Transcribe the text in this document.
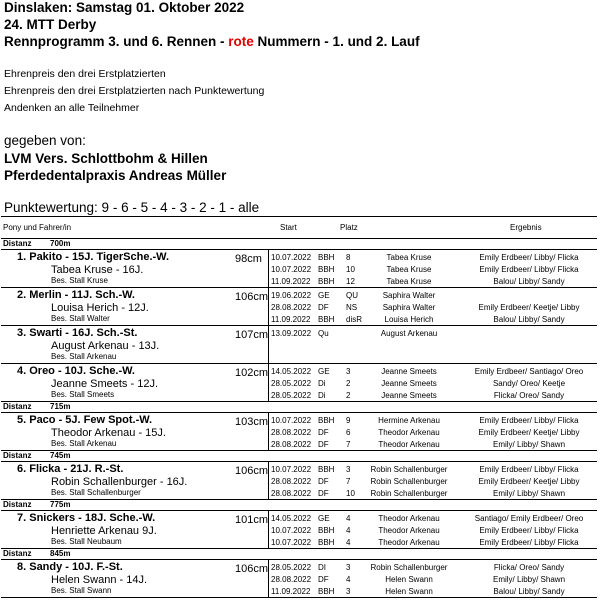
Dinslaken: Samstag 01. Oktober 2022
24. MTT Derby
Rennprogramm 3. und 6. Rennen - rote Nummern - 1. und 2. Lauf
Ehrenpreis den drei Erstplatzierten
Ehrenpreis den drei Erstplatzierten nach Punktewertung
Andenken an alle Teilnehmer
gegeben von:
LVM Vers. Schlottbohm & Hillen
Pferdedentalpraxis Andreas Müller
Punktewertung: 9 - 6 - 5 - 4 - 3 - 2 - 1 - alle
Pony und Fahrer/in	Start	Platz	Ergebnis
Distanz 700m
1. Pakito - 15J. TigerSche.-W.	98cm
Tabea Kruse - 16J.
Bes. Stall Kruse
10.07.2022 BBH 8	Tabea Kruse	Emily Erdbeer/ Libby/ Flicka
10.07.2022 BBH 10	Tabea Kruse	Emily Erdbeer/ Libby/ Flicka
11.09.2022 BBH 12	Tabea Kruse	Balou/ Libby/ Sandy
2. Merlin - 11J. Sch.-W.	106cm
Louisa Herich - 12J.
Bes. Stall Walter
19.06.2022 GE QU	Saphira Walter
28.08.2022 DF NS	Saphira Walter	Emily Erdbeer/ Keetje/ Libby
11.09.2022 BBH disR	Louisa Herich	Balou/ Libby/ Sandy
3. Swarti - 16J. Sch.-St.	107cm
August Arkenau - 13J.
Bes. Stall Arkenau
13.09.2022 Qu	August Arkenau
4. Oreo - 10J. Sche.-W.	102cm
Jeanne Smeets - 12J.
Bes. Stall Smeets
14.05.2022 GE 3	Jeanne Smeets	Emily Erdbeer/ Santiago/ Oreo
28.05.2022 Di	2	Jeanne Smeets	Sandy/ Oreo/ Keetje
28.05.2022 Di	2	Jeanne Smeets	Flicka/ Oreo/ Sandy
Distanz 715m
5. Paco - 5J. Few Spot.-W.	103cm
Theodor Arkenau - 15J.
Bes. Stall Arkenau
10.07.2022 BBH 9	Hermine Arkenau	Emily Erdbeer/ Libby/ Flicka
28.08.2022 DF 6	Theodor Arkenau	Emily Erdbeer/ Keetje/ Libby
28.08.2022 DF 7	Theodor Arkenau	Emily/ Libby/ Shawn
Distanz 745m
6. Flicka - 21J. R.-St.	106cm
Robin Schallenburger - 16J.
Bes. Stall Schallenburger
10.07.2022 BBH 3	Robin Schallenburger	Emily Erdbeer/ Libby/ Flicka
28.08.2022 DF 7	Robin Schallenburger	Emily Erdbeer/ Keetje/ Libby
28.08.2022 DF 10	Robin Schallenburger	Emily/ Libby/ Shawn
Distanz 775m
7. Snickers - 18J. Sche.-W.	101cm
Henriette Arkenau 9J.
Bes. Stall Neubaum
14.05.2022 GE 4	Theodor Arkenau	Santiago/ Emily Erdbeer/ Oreo
10.07.2022 BBH 4	Theodor Arkenau	Emily Erdbeer/ Libby/ Flicka
10.07.2022 BBH 4	Theodor Arkenau	Emily Erdbeer/ Libby/ Flicka
Distanz 845m
8. Sandy - 10J. F.-St.	106cm
Helen Swann - 14J.
Bes. Stall Swann
28.05.2022 DI	3	Robin Schallenburger	Flicka/ Oreo/ Sandy
28.08.2022 DF 4	Helen Swann	Emily/ Libby/ Shawn
11.09.2022 BBH 3	Helen Swann	Balou/ Libby/ Sandy
